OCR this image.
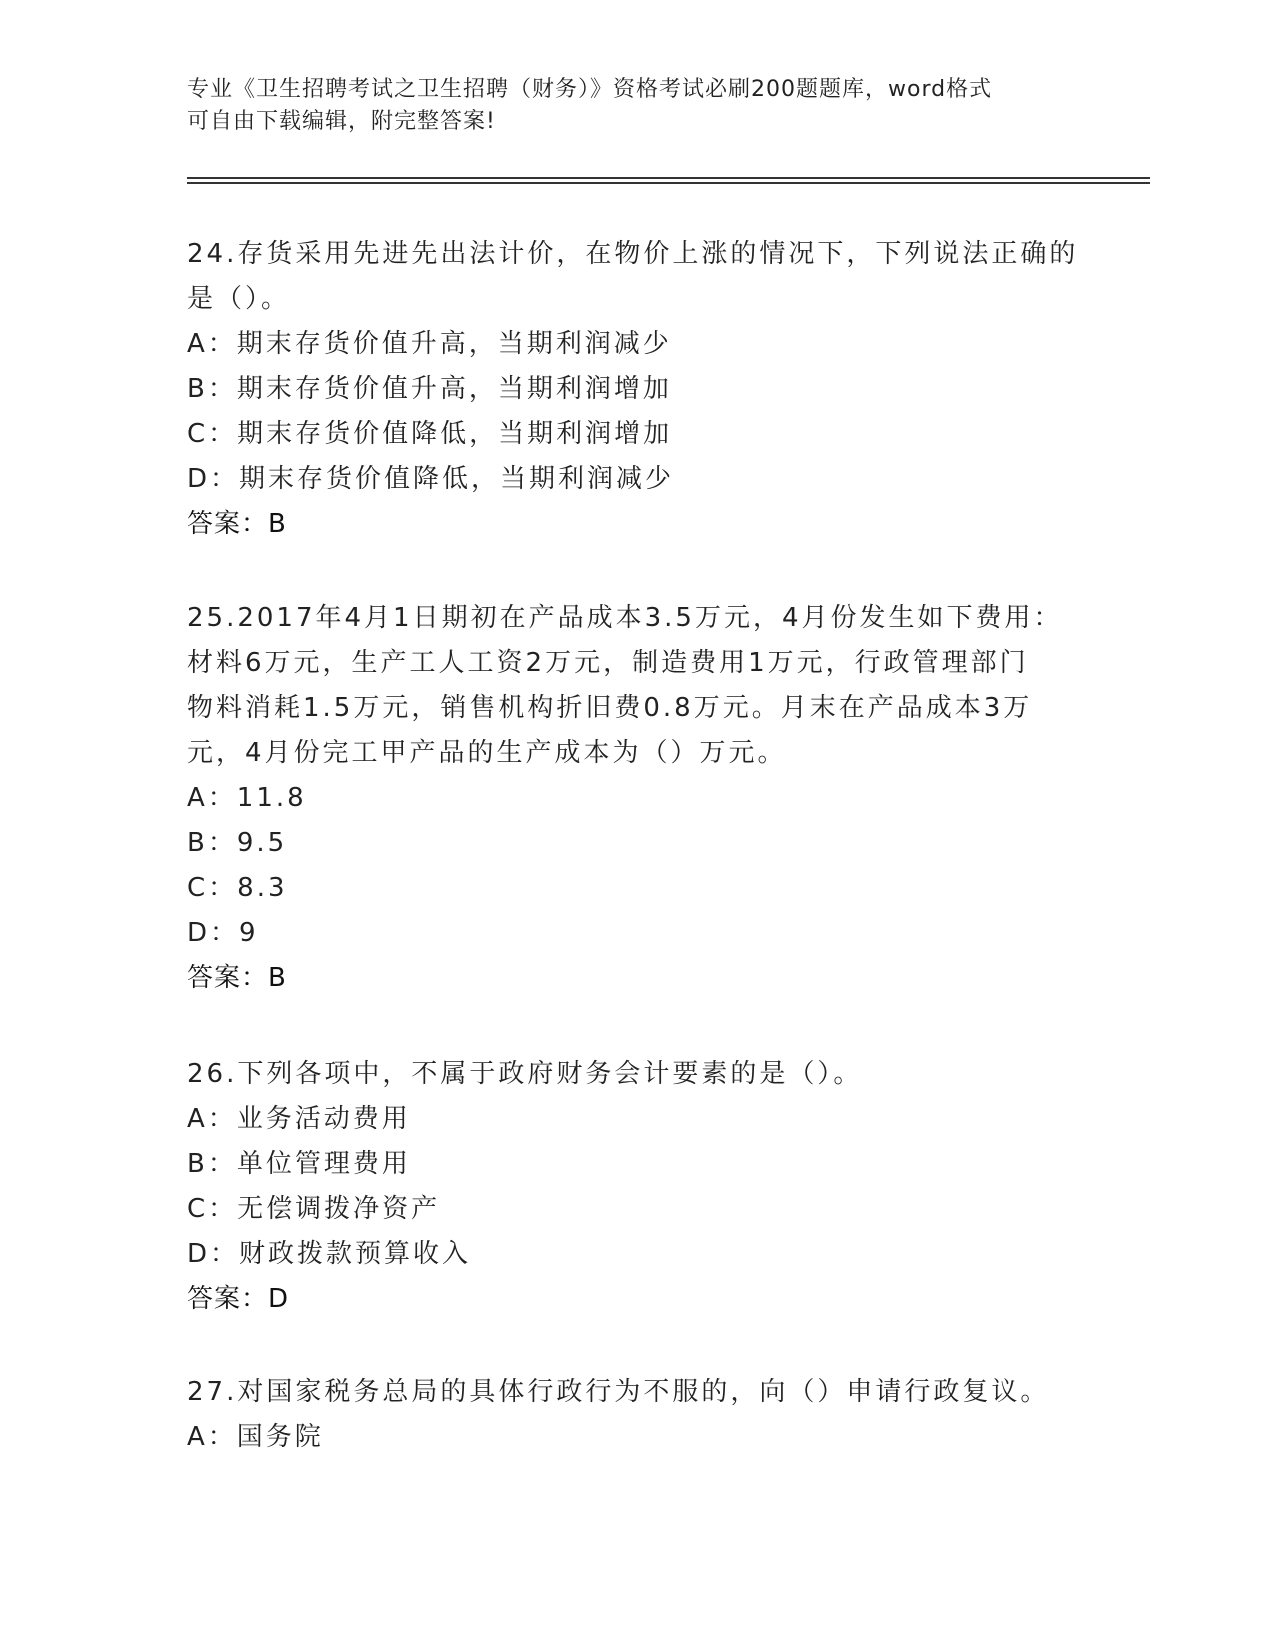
专业《卫生招聘考试之卫生招聘（财务）》资格考试必刷200题题库，word格式
可自由下载编辑，附完整答案!
24.存货采用先进先出法计价，在物价上涨的情况下，下列说法正确的
是（）。
A：期末存货价值升高，当期利润减少
B：期末存货价值升高，当期利润增加
C：期末存货价值降低，当期利润增加
D：期末存货价值降低，当期利润减少
答案：B
25.2017年4月1日期初在产品成本3.5万元，4月份发生如下费用：
材料6万元，生产工人工资2万元，制造费用1万元，行政管理部门
物料消耗1.5万元，销售机构折旧费0.8万元。月末在产品成本3万
元，4月份完工甲产品的生产成本为（）万元。
A：11.8
B：9.5
C：8.3
D：9
答案：B
26.下列各项中，不属于政府财务会计要素的是（）。
A：业务活动费用
B：单位管理费用
C：无偿调拨净资产
D：财政拨款预算收入
答案：D
27.对国家税务总局的具体行政行为不服的，向（）申请行政复议。
A：国务院
